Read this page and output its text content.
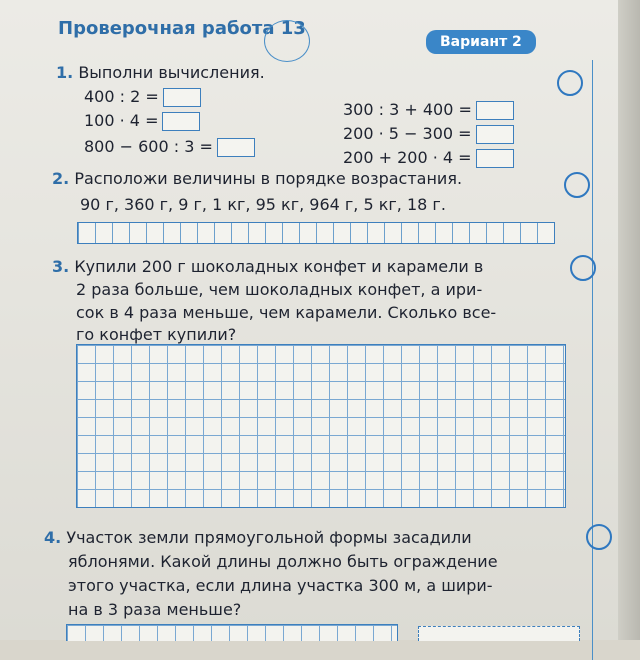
Проверочная работа 13
Вариант 2
1. Выполни вычисления.
400 : 2 =
100 · 4 =
800 − 600 : 3 =
300 : 3 + 400 =
200 · 5 − 300 =
200 + 200 · 4 =
2. Расположи величины в порядке возрастания.
90 г, 360 г, 9 г, 1 кг, 95 кг, 964 г, 5 кг, 18 г.
3. Купили 200 г шоколадных конфет и карамели в
2 раза больше, чем шоколадных конфет, а ири-
сок в 4 раза меньше, чем карамели. Сколько все-
го конфет купили?
4. Участок земли прямоугольной формы засадили
яблонями. Какой длины должно быть ограждение
этого участка, если длина участка 300 м, а шири-
на в 3 раза меньше?
